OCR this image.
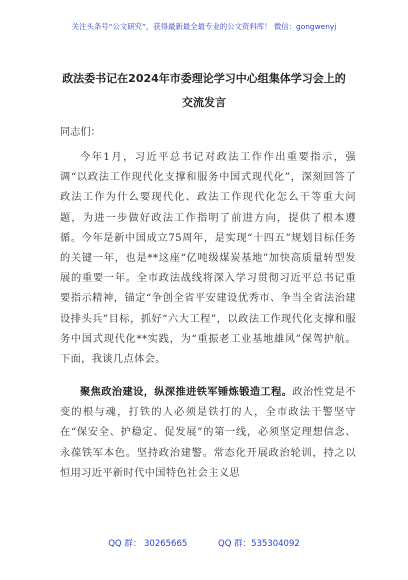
关注头条号“公文研究”，获得最新最全最专业的公文资料库！ 微信：gongwenyj
政法委书记在2024年市委理论学习中心组集体学习会上的
交流发言
同志们：
今年1月，习近平总书记对政法工作作出重要指示，强调“以政法工作现代化支撑和服务中国式现代化”，深刻回答了政法工作为什么要现代化、政法工作现代化怎么干等重大问题，为进一步做好政法工作指明了前进方向，提供了根本遵循。今年是新中国成立75周年，是实现“十四五”规划目标任务的关键一年，也是**这座“亿吨级煤炭基地”加快高质量转型发展的重要一年。全市政法战线将深入学习贯彻习近平总书记重要指示精神，锚定“争创全省平安建设优秀市、争当全省法治建设排头兵”目标，抓好“六大工程”，以政法工作现代化支撑和服务中国式现代化**实践，为“重振老工业基地雄风”保驾护航。下面，我谈几点体会。
聚焦政治建设，纵深推进铁军锤炼锻造工程。政治性党是不变的根与魂，打铁的人必须是铁打的人，全市政法干警坚守在“保安全、护稳定、促发展”的第一线，必须坚定理想信念、永葆铁军本色。坚持政治建警。常态化开展政治轮训，持之以恒用习近平新时代中国特色社会主义思
QQ 群： 30265665	QQ 群：535304092
